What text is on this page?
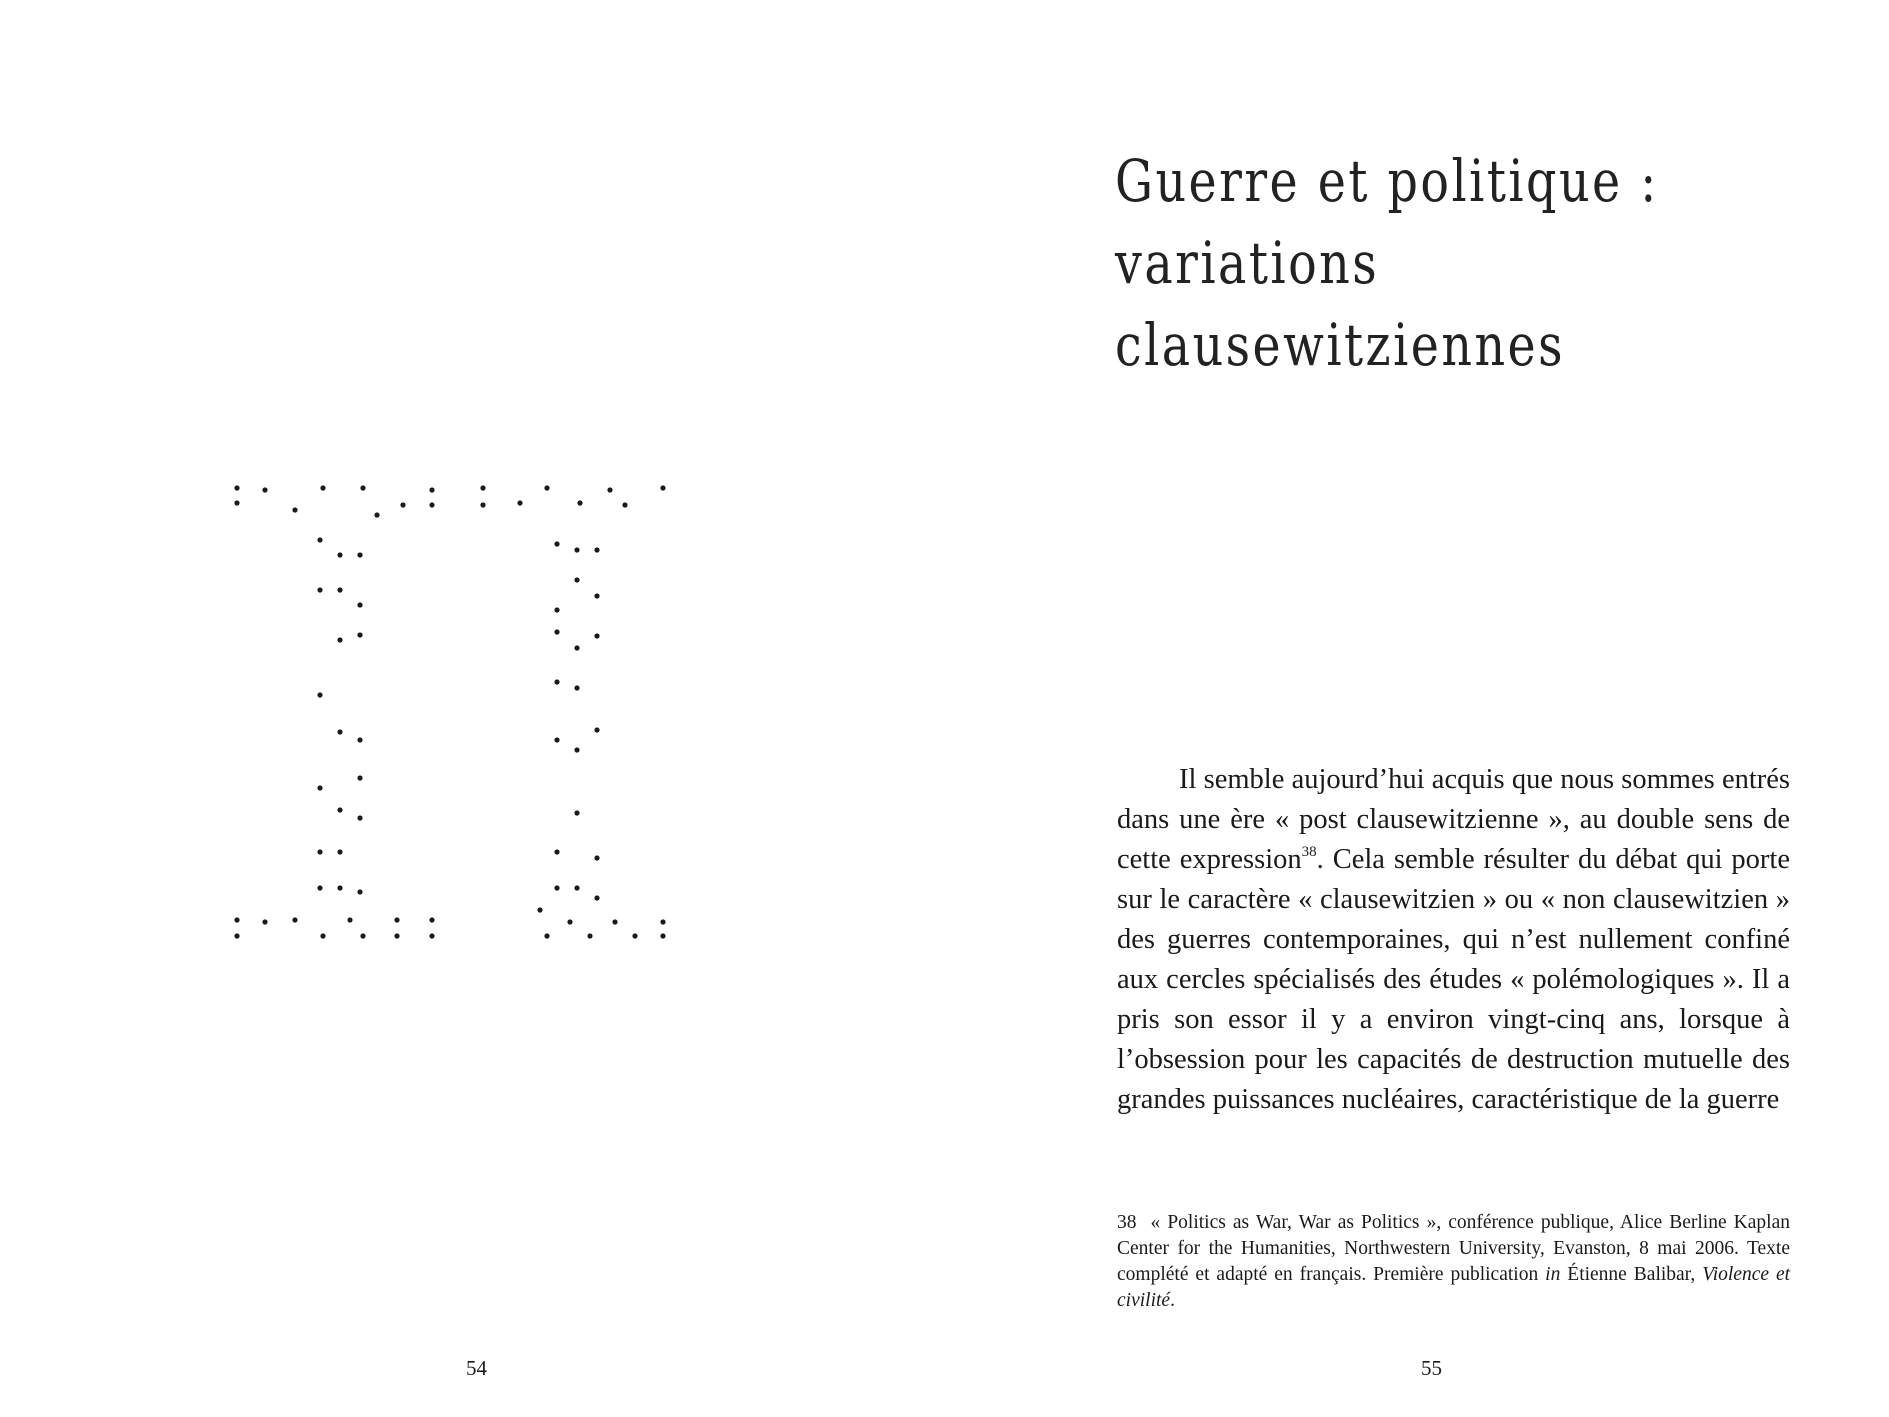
54
Guerre et politique :
variations
clausewitziennes

Il semble aujourd’hui acquis que nous sommes entrés dans une ère « post clausewitzienne », au double sens de cette expression$^{38}$. Cela semble résulter du débat qui porte sur le caractère « clausewitzien » ou « non clausewitzien » des guerres contemporaines, qui n’est nullement confiné aux cercles spécialisés des études « polémologiques ». Il a pris son essor il y a environ vingt-cinq ans, lorsque à l’obsession pour les capacités de destruction mutuelle des grandes puissances nucléaires, caractéristique de la guerre

38 « Politics as War, War as Politics », conférence publique, Alice Berline Kaplan Center for the Humanities, Northwestern University, Evanston, 8 mai 2006. Texte complété et adapté en français. Première publication in Étienne Balibar, Violence et civilité.

55
